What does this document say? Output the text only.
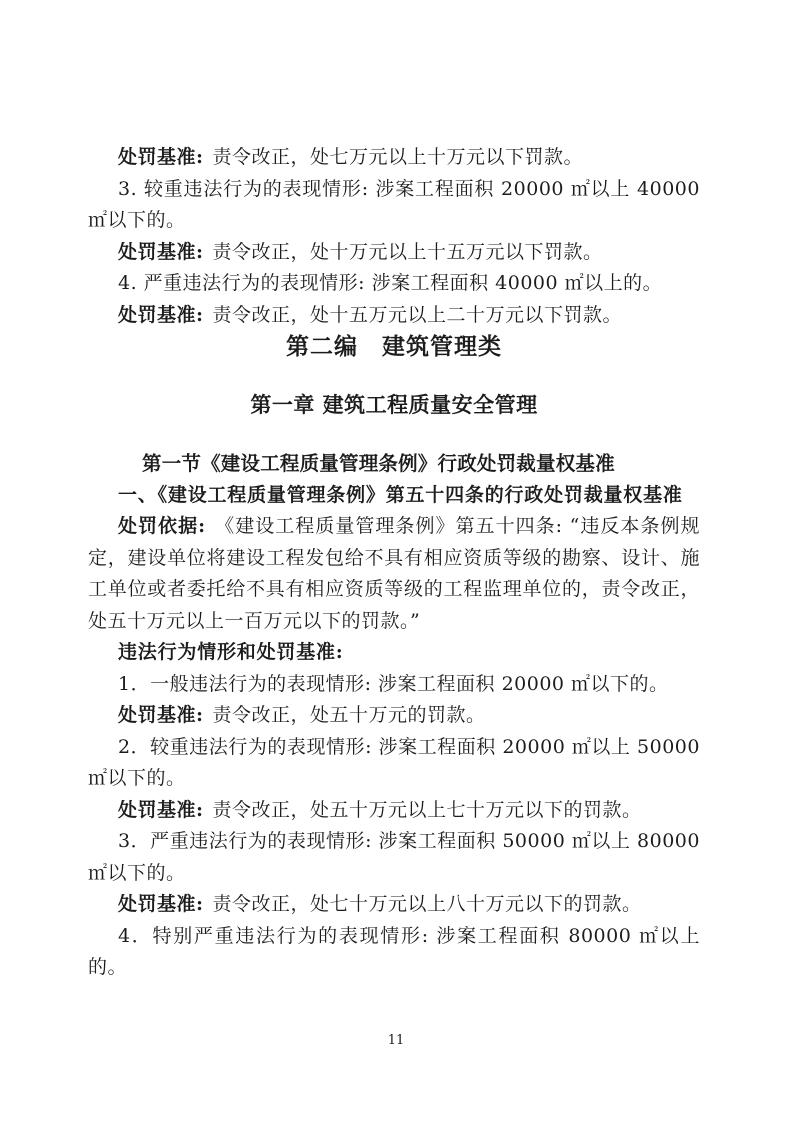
处罚基准: 责令改正，处七万元以上十万元以下罚款。

3. 较重违法行为的表现情形: 涉案工程面积 20000 ㎡以上 40000 ㎡以下的。

处罚基准: 责令改正，处十万元以上十五万元以下罚款。

4. 严重违法行为的表现情形: 涉案工程面积 40000 ㎡以上的。

处罚基准: 责令改正，处十五万元以上二十万元以下罚款。

第二编　建筑管理类
第一章 建筑工程质量安全管理
第一节《建设工程质量管理条例》行政处罚裁量权基准

一、《建设工程质量管理条例》第五十四条的行政处罚裁量权基准

处罚依据: 《建设工程质量管理条例》第五十四条: “违反本条例规定，建设单位将建设工程发包给不具有相应资质等级的勘察、设计、施工单位或者委托给不具有相应资质等级的工程监理单位的，责令改正，处五十万元以上一百万元以下的罚款。”

违法行为情形和处罚基准:

1．一般违法行为的表现情形: 涉案工程面积 20000 ㎡以下的。

处罚基准: 责令改正，处五十万元的罚款。

2．较重违法行为的表现情形: 涉案工程面积 20000 ㎡以上 50000 ㎡以下的。

处罚基准: 责令改正，处五十万元以上七十万元以下的罚款。

3．严重违法行为的表现情形: 涉案工程面积 50000 ㎡以上 80000 ㎡以下的。

处罚基准: 责令改正，处七十万元以上八十万元以下的罚款。

4．特别严重违法行为的表现情形: 涉案工程面积 80000 ㎡以上的。

11
